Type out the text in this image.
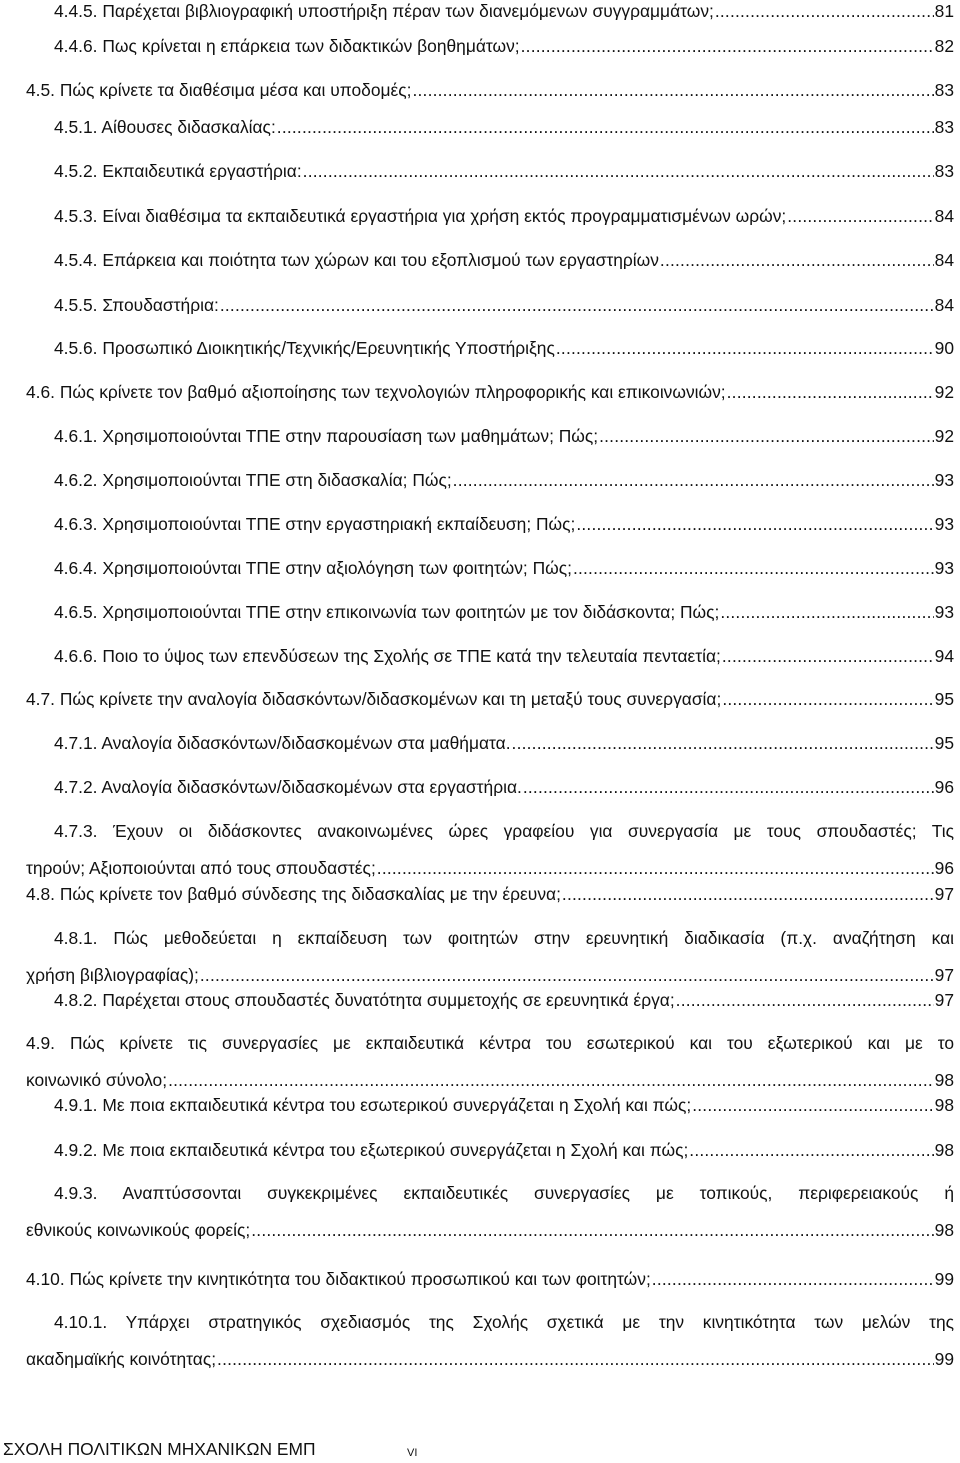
4.4.5. Παρέχεται βιβλιογραφική υποστήριξη πέραν των διανεμόμενων συγγραμμάτων; .....	81
4.4.6. Πως κρίνεται η επάρκεια των διδακτικών βοηθημάτων; .....	82
4.5. Πώς κρίνετε τα διαθέσιμα μέσα και υποδομές; .....	83
4.5.1. Αίθουσες διδασκαλίας: .....	83
4.5.2. Εκπαιδευτικά εργαστήρια: .....	83
4.5.3. Είναι διαθέσιμα τα εκπαιδευτικά εργαστήρια για χρήση εκτός προγραμματισμένων ωρών; .....	84
4.5.4. Επάρκεια και ποιότητα των χώρων και του εξοπλισμού των εργαστηρίων .....	84
4.5.5. Σπουδαστήρια: .....	84
4.5.6. Προσωπικό Διοικητικής/Τεχνικής/Ερευνητικής Υποστήριξης .....	90
4.6. Πώς κρίνετε τον βαθμό αξιοποίησης των τεχνολογιών πληροφορικής και επικοινωνιών; .....	92
4.6.1. Χρησιμοποιούνται ΤΠΕ στην παρουσίαση των μαθημάτων; Πώς; .....	92
4.6.2. Χρησιμοποιούνται ΤΠΕ στη διδασκαλία; Πώς; .....	93
4.6.3. Χρησιμοποιούνται ΤΠΕ στην εργαστηριακή εκπαίδευση; Πώς; .....	93
4.6.4. Χρησιμοποιούνται ΤΠΕ στην αξιολόγηση των φοιτητών; Πώς; .....	93
4.6.5. Χρησιμοποιούνται ΤΠΕ στην επικοινωνία των φοιτητών με τον διδάσκοντα; Πώς; .....	93
4.6.6. Ποιο το ύψος των επενδύσεων της Σχολής σε ΤΠΕ κατά την τελευταία πενταετία; .....	94
4.7. Πώς κρίνετε την αναλογία διδασκόντων/διδασκομένων και τη μεταξύ τους συνεργασία; .....	95
4.7.1. Αναλογία διδασκόντων/διδασκομένων στα μαθήματα. .....	95
4.7.2. Αναλογία διδασκόντων/διδασκομένων στα εργαστήρια. .....	96
4.7.3. Έχουν οι διδάσκοντες ανακοινωμένες ώρες γραφείου για συνεργασία με τους σπουδαστές; Τις
τηρούν; Αξιοποιούνται από τους σπουδαστές; .....	96
4.8. Πώς κρίνετε τον βαθμό σύνδεσης της διδασκαλίας με την έρευνα; .....	97
4.8.1. Πώς μεθοδεύεται η εκπαίδευση των φοιτητών στην ερευνητική διαδικασία (π.χ. αναζήτηση και
χρήση βιβλιογραφίας); .....	97
4.8.2. Παρέχεται στους σπουδαστές δυνατότητα συμμετοχής σε ερευνητικά έργα; .....	97
4.9. Πώς κρίνετε τις συνεργασίες με εκπαιδευτικά κέντρα του εσωτερικού και του εξωτερικού και με το
κοινωνικό σύνολο; .....	98
4.9.1. Με ποια εκπαιδευτικά κέντρα του εσωτερικού συνεργάζεται η Σχολή και πώς; .....	98
4.9.2. Με ποια εκπαιδευτικά κέντρα του εξωτερικού συνεργάζεται η Σχολή και πώς; .....	98
4.9.3. Αναπτύσσονται συγκεκριμένες εκπαιδευτικές συνεργασίες με τοπικούς, περιφερειακούς ή
εθνικούς κοινωνικούς φορείς; .....	98
4.10. Πώς κρίνετε την κινητικότητα του διδακτικού προσωπικού και των φοιτητών; .....	99
4.10.1. Υπάρχει στρατηγικός σχεδιασμός της Σχολής σχετικά με την κινητικότητα των μελών της
ακαδημαϊκής κοινότητας; .....	99
ΣΧΟΛΗ ΠΟΛΙΤΙΚΩΝ ΜΗΧΑΝΙΚΩΝ ΕΜΠ	VI
